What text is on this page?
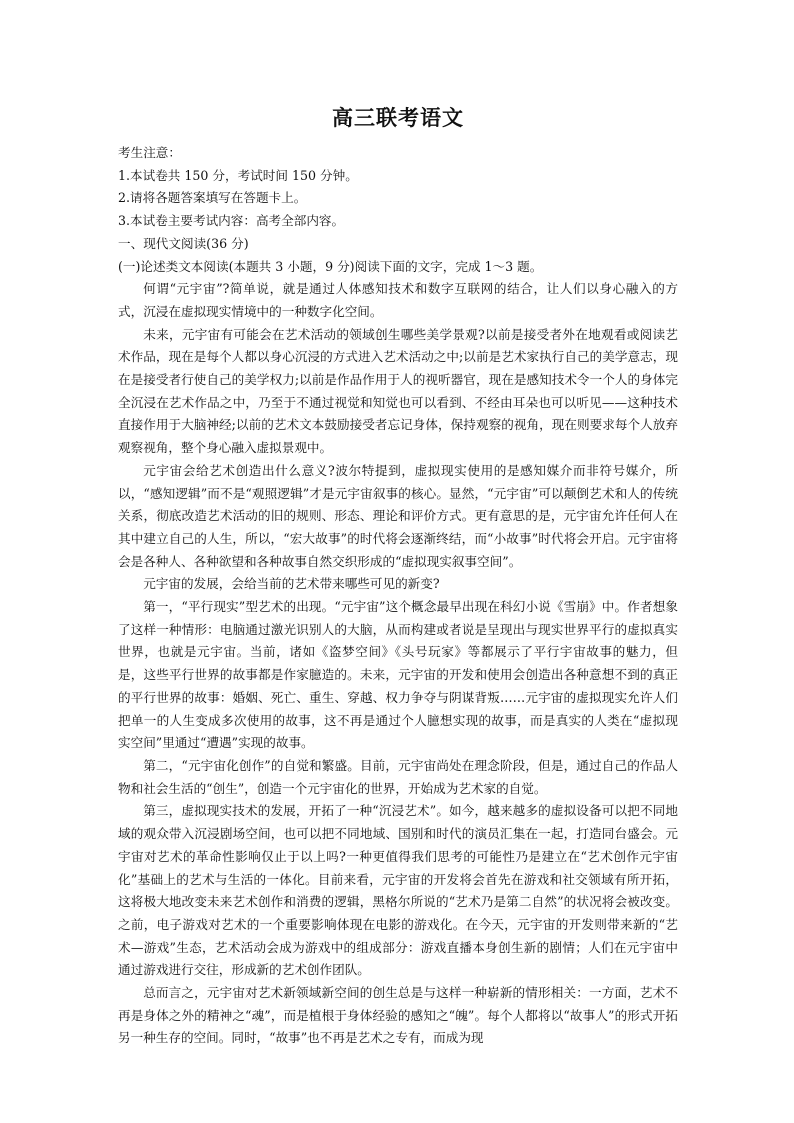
高三联考语文

考生注意：

1.本试卷共 150 分，考试时间 150 分钟。

2.请将各题答案填写在答题卡上。

3.本试卷主要考试内容：高考全部内容。

一、现代文阅读(36 分)

(一)论述类文本阅读(本题共 3 小题，9 分)阅读下面的文字，完成 1～3 题。

何谓“元宇宙”?简单说，就是通过人体感知技术和数字互联网的结合，让人们以身心融入的方式，沉浸在虚拟现实情境中的一种数字化空间。

未来，元宇宙有可能会在艺术活动的领域创生哪些美学景观?以前是接受者外在地观看或阅读艺术作品，现在是每个人都以身心沉浸的方式进入艺术活动之中;以前是艺术家执行自己的美学意志，现在是接受者行使自己的美学权力;以前是作品作用于人的视听器官，现在是感知技术令一个人的身体完全沉浸在艺术作品之中，乃至于不通过视觉和知觉也可以看到、不经由耳朵也可以听见——这种技术直接作用于大脑神经;以前的艺术文本鼓励接受者忘记身体，保持观察的视角，现在则要求每个人放弃观察视角，整个身心融入虚拟景观中。

元宇宙会给艺术创造出什么意义?波尔特提到，虚拟现实使用的是感知媒介而非符号媒介，所以，“感知逻辑”而不是“观照逻辑”才是元宇宙叙事的核心。显然，“元宇宙”可以颠倒艺术和人的传统关系，彻底改造艺术活动的旧的规则、形态、理论和评价方式。更有意思的是，元宇宙允许任何人在其中建立自己的人生，所以，“宏大故事”的时代将会逐渐终结，而“小故事”时代将会开启。元宇宙将会是各种人、各种欲望和各种故事自然交织形成的“虚拟现实叙事空间”。

元宇宙的发展，会给当前的艺术带来哪些可见的新变?

第一，“平行现实”型艺术的出现。“元宇宙”这个概念最早出现在科幻小说《雪崩》中。作者想象了这样一种情形：电脑通过激光识别人的大脑，从而构建或者说是呈现出与现实世界平行的虚拟真实世界，也就是元宇宙。当前，诸如《盗梦空间》《头号玩家》等都展示了平行宇宙故事的魅力，但是，这些平行世界的故事都是作家臆造的。未来，元宇宙的开发和使用会创造出各种意想不到的真正的平行世界的故事：婚姻、死亡、重生、穿越、权力争夺与阴谋背叛……元宇宙的虚拟现实允许人们把单一的人生变成多次使用的故事，这不再是通过个人臆想实现的故事，而是真实的人类在“虚拟现实空间”里通过“遭遇”实现的故事。

第二，“元宇宙化创作”的自觉和繁盛。目前，元宇宙尚处在理念阶段，但是，通过自己的作品人物和社会生活的“创生”，创造一个元宇宙化的世界，开始成为艺术家的自觉。

第三，虚拟现实技术的发展，开拓了一种“沉浸艺术”。如今，越来越多的虚拟设备可以把不同地域的观众带入沉浸剧场空间，也可以把不同地域、国别和时代的演员汇集在一起，打造同台盛会。元宇宙对艺术的革命性影响仅止于以上吗?一种更值得我们思考的可能性乃是建立在“艺术创作元宇宙化”基础上的艺术与生活的一体化。目前来看，元宇宙的开发将会首先在游戏和社交领域有所开拓，这将极大地改变未来艺术创作和消费的逻辑，黑格尔所说的“艺术乃是第二自然”的状况将会被改变。之前，电子游戏对艺术的一个重要影响体现在电影的游戏化。在今天，元宇宙的开发则带来新的“艺术—游戏”生态，艺术活动会成为游戏中的组成部分：游戏直播本身创生新的剧情；人们在元宇宙中通过游戏进行交往，形成新的艺术创作团队。

总而言之，元宇宙对艺术新领域新空间的创生总是与这样一种崭新的情形相关：一方面，艺术不再是身体之外的精神之“魂”，而是植根于身体经验的感知之“魄”。每个人都将以“故事人”的形式开拓另一种生存的空间。同时，“故事”也不再是艺术之专有，而成为现
